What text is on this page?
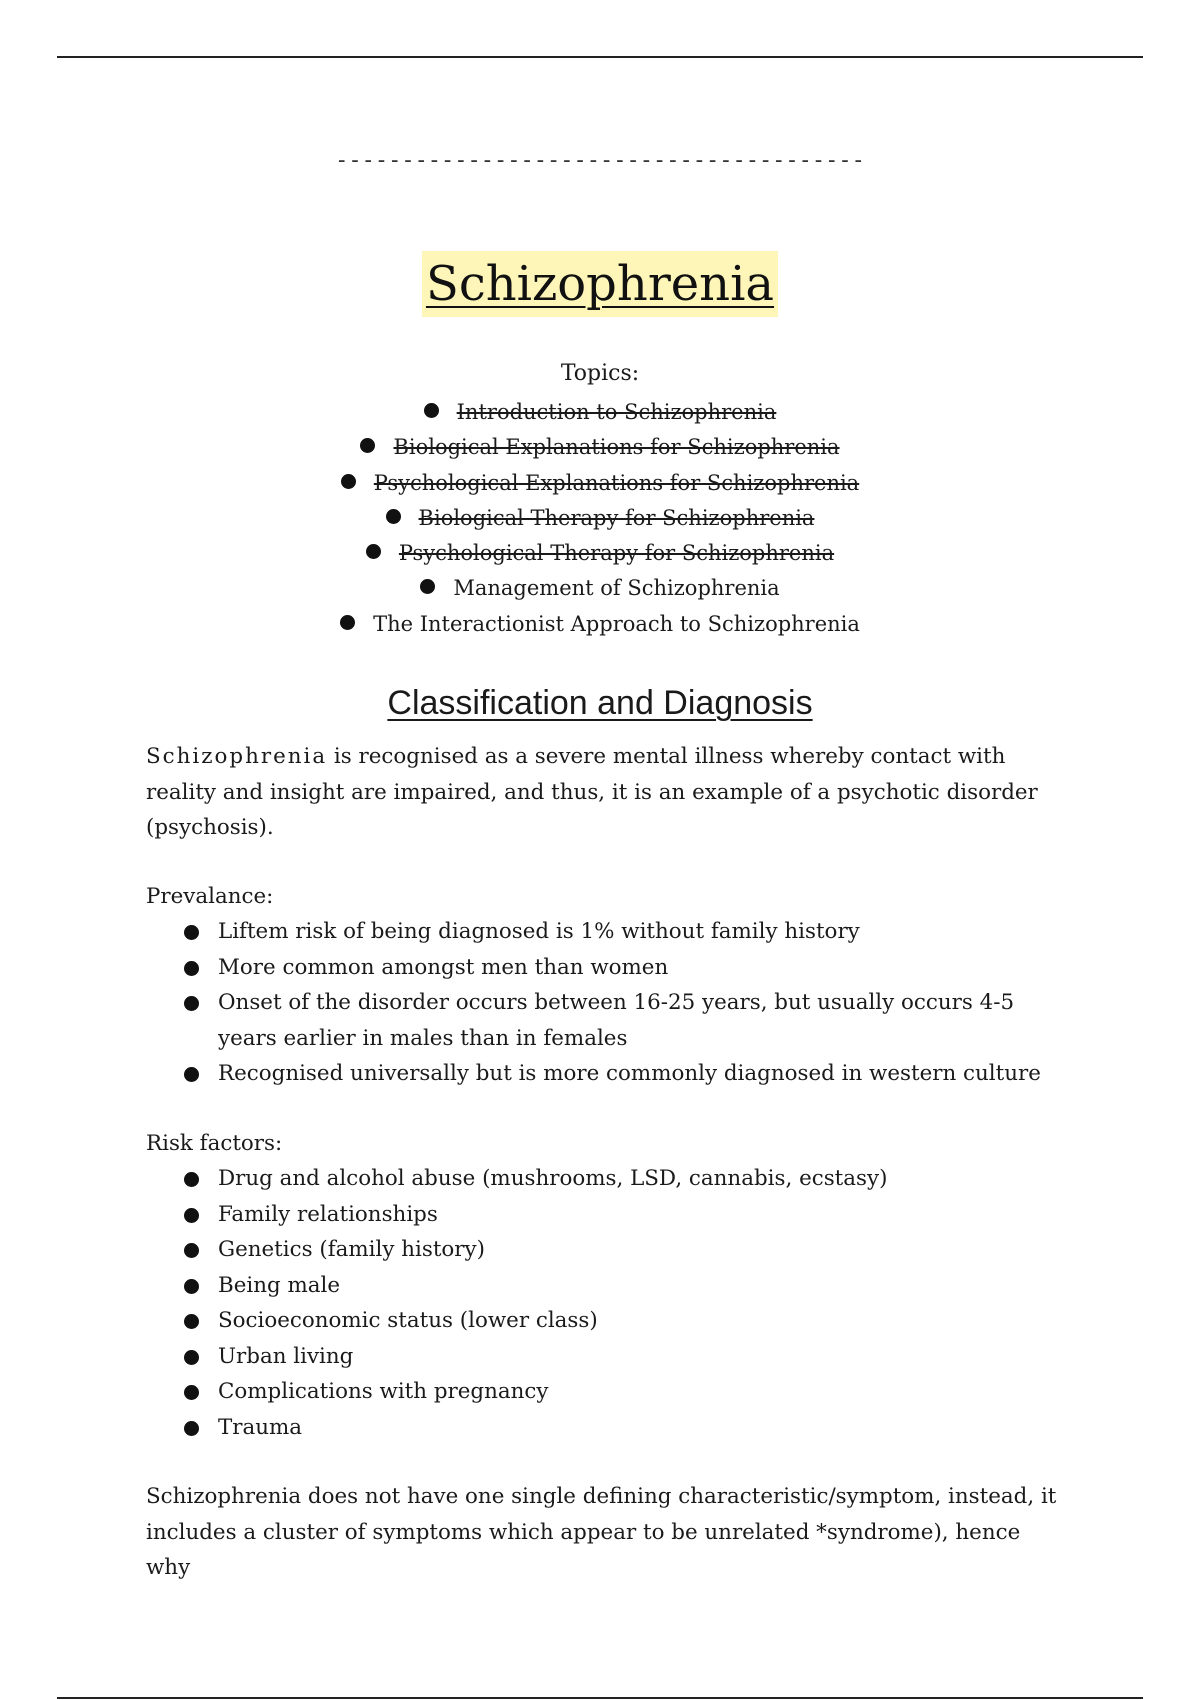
----------------------------------------
Schizophrenia
Topics:
Introduction to Schizophrenia
Biological Explanations for Schizophrenia
Psychological Explanations for Schizophrenia
Biological Therapy for Schizophrenia
Psychological Therapy for Schizophrenia
Management of Schizophrenia
The Interactionist Approach to Schizophrenia
Classification and Diagnosis
Schizophrenia is recognised as a severe mental illness whereby contact with reality and insight are impaired, and thus, it is an example of a psychotic disorder (psychosis).
Prevalance:
Liftem risk of being diagnosed is 1% without family history
More common amongst men than women
Onset of the disorder occurs between 16-25 years, but usually occurs 4-5 years earlier in males than in females
Recognised universally but is more commonly diagnosed in western culture
Risk factors:
Drug and alcohol abuse (mushrooms, LSD, cannabis, ecstasy)
Family relationships
Genetics (family history)
Being male
Socioeconomic status (lower class)
Urban living
Complications with pregnancy
Trauma
Schizophrenia does not have one single defining characteristic/symptom, instead, it includes a cluster of symptoms which appear to be unrelated *syndrome), hence why
